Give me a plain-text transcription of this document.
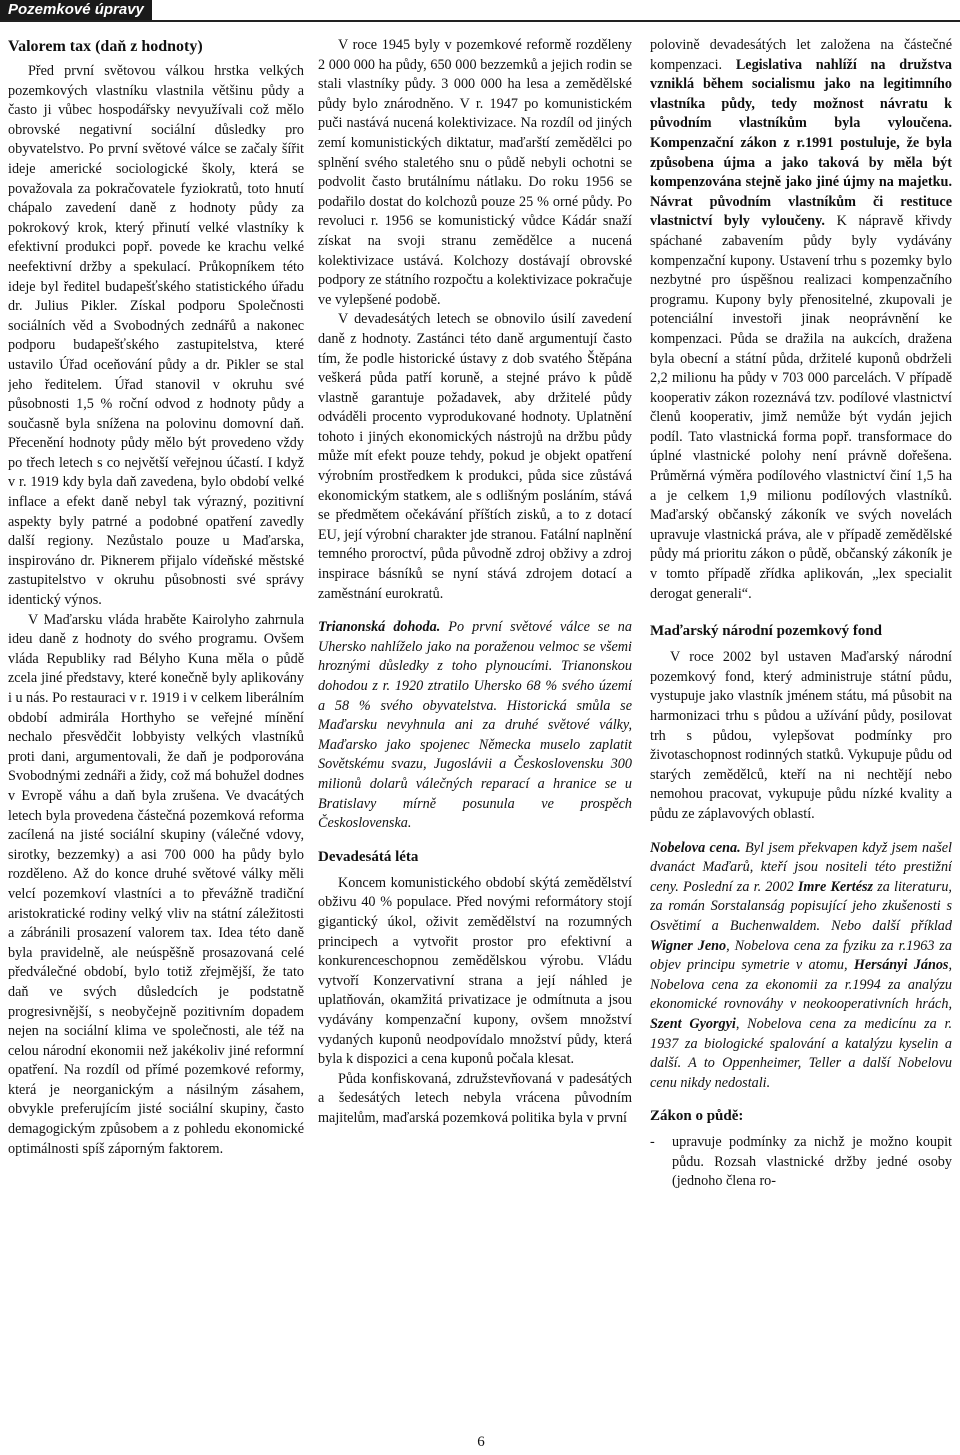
Pozemkové úpravy
Valorem tax (daň z hodnoty)

Před první světovou válkou hrstka velkých pozemkových vlastníku vlastnila většinu půdy a často ji vůbec hospodářsky nevyužívali což mělo obrovské negativní sociální důsledky pro obyvatelstvo. Po první světové válce se začaly šířit ideje americké sociologické školy, která se považovala za pokračovatele fyziokratů, toto hnutí chápalo zavedení daně z hodnoty půdy za pokrokový krok, který přinutí velké vlastníky k efektivní produkci popř. povede ke krachu velké neefektivní držby a spekulací. Průkopníkem této ideje byl ředitel budapešťského statistického úřadu dr. Julius Pikler. Získal podporu Společnosti sociálních věd a Svobodných zednářů a nakonec podporu budapešťského zastupitelstva, které ustavilo Úřad oceňování půdy a dr. Pikler se stal jeho ředitelem. Úřad stanovil v okruhu své působnosti 1,5 % roční odvod z hodnoty půdy a současně byla snížena na polovinu domovní daň. Přecenění hodnoty půdy mělo být provedeno vždy po třech letech s co největší veřejnou účastí. I když v r. 1919 kdy byla daň zavedena, bylo období velké inflace a efekt daně nebyl tak výrazný, pozitivní aspekty byly patrné a podobné opatření zavedly další regiony. Nezůstalo pouze u Maďarska, inspirováno dr. Piknerem přijalo vídeňské městské zastupitelstvo v okruhu působnosti své správy identický výnos.

V Maďarsku vláda hraběte Kairolyho zahrnula ideu daně z hodnoty do svého programu. Ovšem vláda Republiky rad Bélyho Kuna měla o půdě zcela jiné představy, které konečně byly aplikovány i u nás. Po restauraci v r. 1919 i v celkem liberálním období admirála Horthyho se veřejné mínění nechalo přesvědčit lobbyisty velkých vlastníků proti dani, argumentovali, že daň je podporována Svobodnými zednáři a židy, což má bohužel dodnes v Evropě váhu a daň byla zrušena. Ve dvacátých letech byla provedena částečná pozemková reforma zacílená na jisté sociální skupiny (válečné vdovy, sirotky, bezzemky) a asi 700 000 ha půdy bylo rozděleno. Až do konce druhé světové války měli velcí pozemkoví vlastníci a to převážně tradiční aristokratické rodiny velký vliv na státní záležitosti a zábránili prosazení valorem tax. Idea této daně byla pravidelně, ale neúspěšně prosazovaná celé předválečné období, bylo totiž zřejmější, že tato daň ve svých důsledcích je podstatně progresivnější, s neobyčejně pozitivním dopadem nejen na sociální klima ve společnosti, ale též na celou národní ekonomii než jakékoliv jiné reformní opatření. Na rozdíl od přímé pozemkové reformy, která je neorganickým a násilným zásahem, obvykle preferujícím jisté sociální skupiny, často demagogickým způsobem a z pohledu ekonomické optimálnosti spíš záporným faktorem.

V roce 1945 byly v pozemkové reformě rozděleny 2 000 000 ha půdy, 650 000 bezzemků a jejich rodin se stali vlastníky půdy. 3 000 000 ha lesa a zemědělské půdy bylo znárodněno. V r. 1947 po komunistickém puči nastává nucená kolektivizace. Na rozdíl od jiných zemí komunistických diktatur, maďarští zemědělci po splnění svého staletého snu o půdě nebyli ochotni se podvolit často brutálnímu nátlaku. Do roku 1956 se podařilo dostat do kolchozů pouze 25 % orné půdy. Po revoluci r. 1956 se komunistický vůdce Kádár snaží získat na svoji stranu zemědělce a nucená kolektivizace ustává. Kolchozy dostávají obrovské podpory ze státního rozpočtu a kolektivizace pokračuje ve vylepšené podobě.

V devadesátých letech se obnovilo úsilí zavedení daně z hodnoty. Zastánci této daně argumentují často tím, že podle historické ústavy z dob svatého Štěpána veškerá půda patří koruně, a stejné právo k půdě vlastně garantuje požadavek, aby držitelé půdy odváděli procento vyprodukované hodnoty. Uplatnění tohoto i jiných ekonomických nástrojů na držbu půdy může mít efekt pouze tehdy, pokud je objekt opatření výrobním prostředkem k produkci, půda sice zůstává ekonomickým statkem, ale s odlišným posláním, stává se předmětem očekávání příštích zisků, a to z dotací EU, její výrobní charakter jde stranou. Fatální naplnění temného proroctví, půda původně zdroj obživy a zdroj inspirace básníků se nyní stává zdrojem dotací a zaměstnání eurokratů.

Trianonská dohoda. Po první světové válce se na Uhersko nahlíželo jako na poraženou velmoc se všemi hroznými důsledky z toho plynoucími. Trianonskou dohodou z r. 1920 ztratilo Uhersko 68 % svého území a 58 % svého obyvatelstva. Historická smůla se Maďarsku nevyhnula ani za druhé světové války, Maďarsko jako spojenec Německa muselo zaplatit Sovětskému svazu, Jugoslávii a Československu 300 milionů dolarů válečných reparací a hranice se u Bratislavy mírně posunula ve prospěch Československa.

Devadesátá léta

Koncem komunistického období skýtá zemědělství obživu 40 % populace. Před novými reformátory stojí gigantický úkol, oživit zemědělství na rozumných principech a vytvořit prostor pro efektivní a konkurenceschopnou zemědělskou výrobu. Vládu vytvoří Konzervativní strana a její náhled je uplatňován, okamžitá privatizace je odmítnuta a jsou vydávány kompenzační kupony, ovšem množství vydaných kuponů neodpovídalo množství půdy, která byla k dispozici a cena kuponů počala klesat.

Půda konfiskovaná, združstevňovaná v padesátých a šedesátých letech nebyla vrácena původním majitelům, maďarská pozemková politika byla v první

polovině devadesátých let založena na částečné kompenzaci. Legislativa nahlíží na družstva vzniklá během socialismu jako na legitimního vlastníka půdy, tedy možnost návratu k původním vlastníkům byla vyloučena. Kompenzační zákon z r.1991 postuluje, že byla způsobena újma a jako taková by měla být kompenzována stejně jako jiné újmy na majetku. Návrat původním vlastníkům či restituce vlastnictví byly vyloučeny. K nápravě křivdy spáchané zabavením půdy byly vydávány kompenzační kupony. Ustavení trhu s pozemky bylo nezbytné pro úspěšnou realizaci kompenzačního programu. Kupony byly přenositelné, zkupovali je potenciální investoři jinak neoprávnění ke kompenzaci. Půda se dražila na aukcích, dražena byla obecní a státní půda, držitelé kuponů obdrželi 2,2 milionu ha půdy v 703 000 parcelách. V případě kooperativ zákon rozeznává tzv. podílové vlastnictví členů kooperativ, jimž nemůže být vydán jejich podíl. Tato vlastnická forma popř. transformace do úplné vlastnické polohy není právně dořešena. Průměrná výměra podílového vlastnictví činí 1,5 ha a je celkem 1,9 milionu podílových vlastníků. Maďarský občanský zákoník ve svých novelách upravuje vlastnická práva, ale v případě zemědělské půdy má prioritu zákon o půdě, občanský zákoník je v tomto případě zřídka aplikován, „lex specialit derogat generali“.

Maďarský národní pozemkový fond

V roce 2002 byl ustaven Maďarský národní pozemkový fond, který administruje státní půdu, vystupuje jako vlastník jménem státu, má působit na harmonizaci trhu s půdou a užívání půdy, posilovat trh s půdou, vylepšovat podmínky pro životaschopnost rodinných statků. Vykupuje půdu od starých zemědělců, kteří na ni nechtějí nebo nemohou pracovat, vykupuje půdu nízké kvality a půdu ze záplavových oblastí.

Nobelova cena. Byl jsem překvapen když jsem našel dvanáct Maďarů, kteří jsou nositeli této prestižní ceny. Poslední za r. 2002 Imre Kertész za literaturu, za román Sorstalanság popisující jeho zkušenosti s Osvětimí a Buchenwaldem. Nebo další příklad Wigner Jeno, Nobelova cena za fyziku za r.1963 za objev principu symetrie v atomu, Hersányi János, Nobelova cena za ekonomii za r.1994 za analýzu ekonomické rovnováhy v neokooperativních hrách, Szent Gyorgyi, Nobelova cena za medicínu za r. 1937 za biologické spalování a katalýzu kyselin a další. A to Oppenheimer, Teller a další Nobelovu cenu nikdy nedostali.

Zákon o půdě:
-	upravuje podmínky za nichž je možno koupit půdu. Rozsah vlastnické držby jedné osoby (jednoho člena ro-
6
